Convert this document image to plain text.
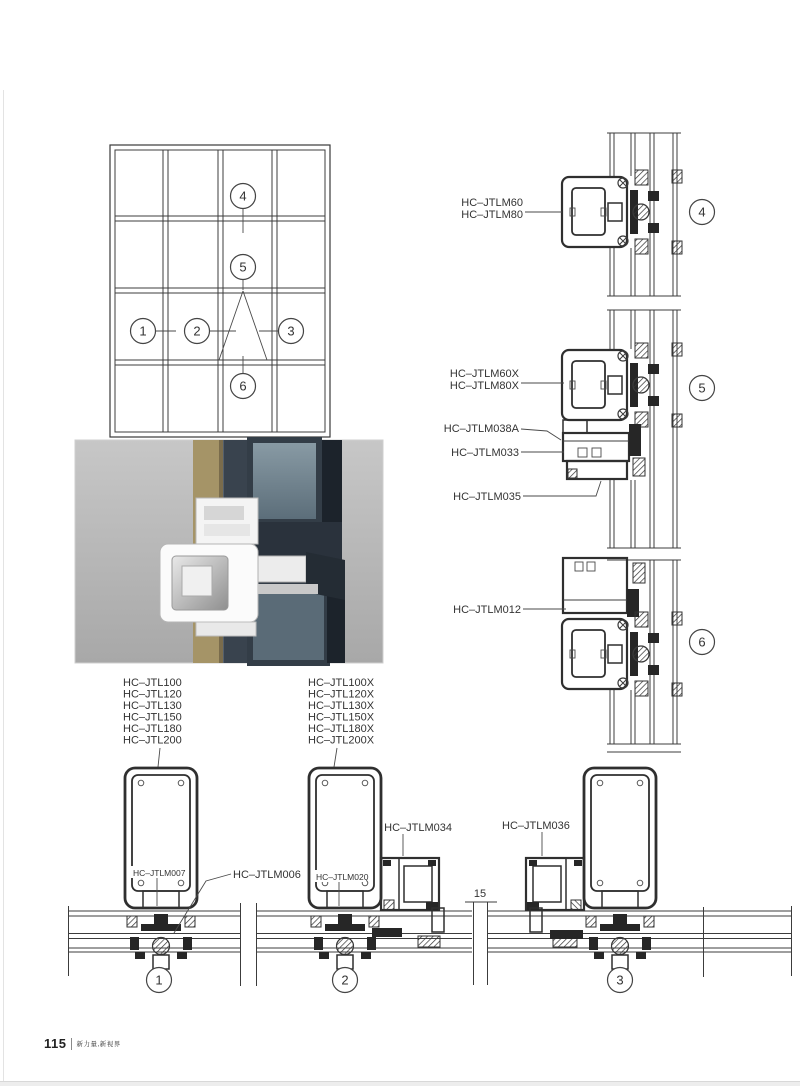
4
5
1	2	3
6
HC–JTLM60
HC–JTLM80	4
HC–JTLM60X
HC–JTLM80X
HC–JTLM038A
HC–JTLM033
HC–JTLM035
5
HC–JTLM012
6
HC–JTL100
HC–JTL120
HC–JTL130
HC–JTL150
HC–JTL180
HC–JTL200
HC–JTL100X
HC–JTL120X
HC–JTL130X
HC–JTL150X
HC–JTL180X
HC–JTL200X
HC–JTLM007	HC–JTLM006
1
HC–JTLM020
HC–JTLM034
2
15
HC–JTLM036
3
115 新力量,新视界
